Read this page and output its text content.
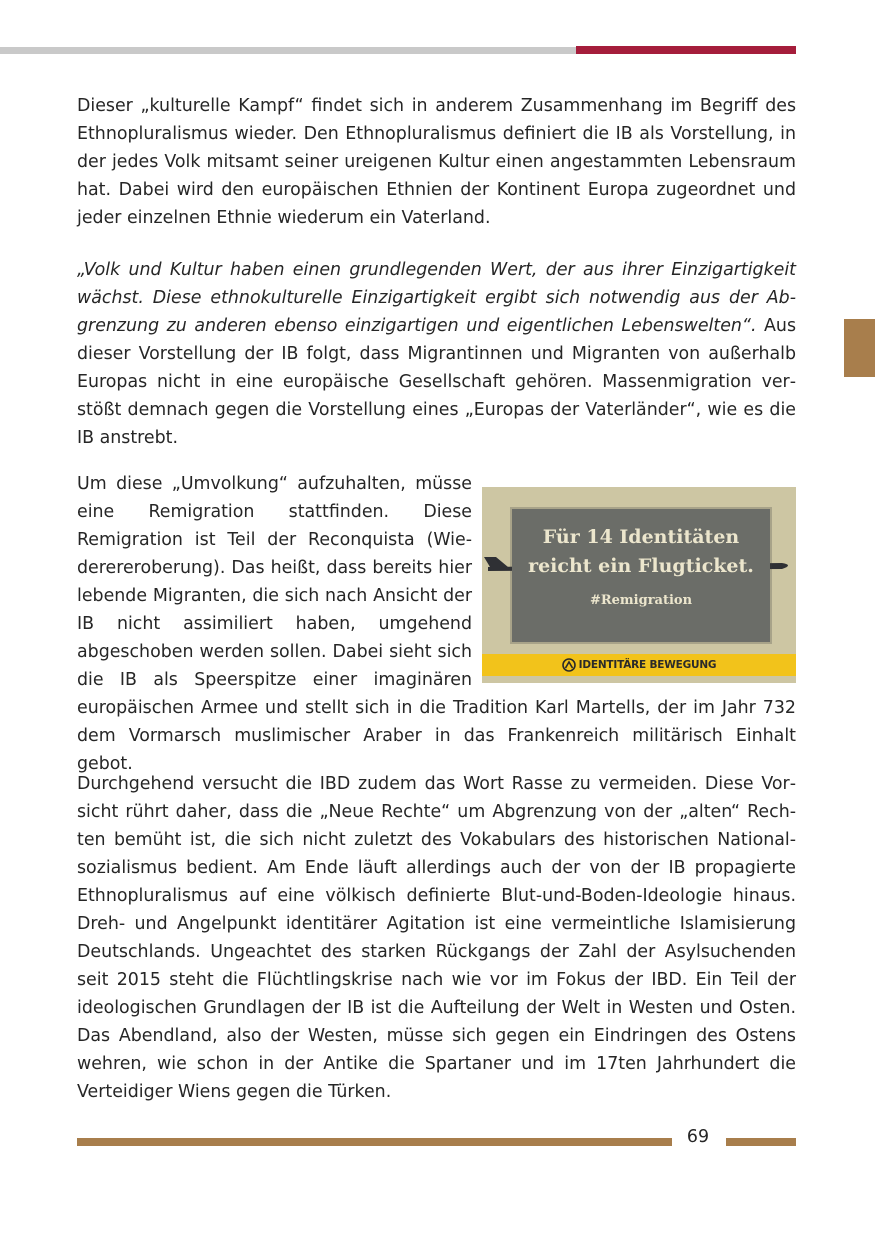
Dieser „kulturelle Kampf“ findet sich in anderem Zusammenhang im Begriff des Ethnopluralismus wieder. Den Ethnopluralismus definiert die IB als Vorstellung, in der jedes Volk mitsamt seiner ureigenen Kultur einen angestammten Lebensraum hat. Dabei wird den europäischen Ethnien der Kontinent Europa zugeordnet und jeder einzelnen Ethnie wiederum ein Vaterland.

„Volk und Kultur haben einen grundlegenden Wert, der aus ihrer Einzigartigkeit wächst. Diese ethnokulturelle Einzigartigkeit ergibt sich notwendig aus der Abgrenzung zu anderen ebenso einzigartigen und eigentlichen Lebenswelten“. Aus dieser Vorstellung der IB folgt, dass Migrantinnen und Migranten von außerhalb Europas nicht in eine europäische Gesellschaft gehören. Massenmigration verstößt demnach gegen die Vorstellung eines „Europas der Vaterländer“, wie es die IB anstrebt.

Für 14 Identitäten
reicht ein Flugticket.
#Remigration
IDENTITÄRE BEWEGUNG

Um diese „Umvolkung“ aufzuhalten, müsse eine Remigration stattfinden. Diese Remigration ist Teil der Reconquista (Wiederereroberung). Das heißt, dass bereits hier lebende Migranten, die sich nach Ansicht der IB nicht assimiliert haben, umgehend abgeschoben werden sollen. Dabei sieht sich die IB als Speerspitze einer imaginären europäischen Armee und stellt sich in die Tradition Karl Martells, der im Jahr 732 dem Vormarsch muslimischer Araber in das Frankenreich militärisch Einhalt gebot.

Durchgehend versucht die IBD zudem das Wort Rasse zu vermeiden. Diese Vorsicht rührt daher, dass die „Neue Rechte“ um Abgrenzung von der „alten“ Rechten bemüht ist, die sich nicht zuletzt des Vokabulars des historischen Nationalsozialismus bedient. Am Ende läuft allerdings auch der von der IB propagierte Ethnopluralismus auf eine völkisch definierte Blut-und-Boden-Ideologie hinaus. Dreh- und Angelpunkt identitärer Agitation ist eine vermeintliche Islamisierung Deutschlands. Ungeachtet des starken Rückgangs der Zahl der Asylsuchenden seit 2015 steht die Flüchtlingskrise nach wie vor im Fokus der IBD. Ein Teil der ideologischen Grundlagen der IB ist die Aufteilung der Welt in Westen und Osten. Das Abendland, also der Westen, müsse sich gegen ein Eindringen des Ostens wehren, wie schon in der Antike die Spartaner und im 17ten Jahrhundert die Verteidiger Wiens gegen die Türken.

69
